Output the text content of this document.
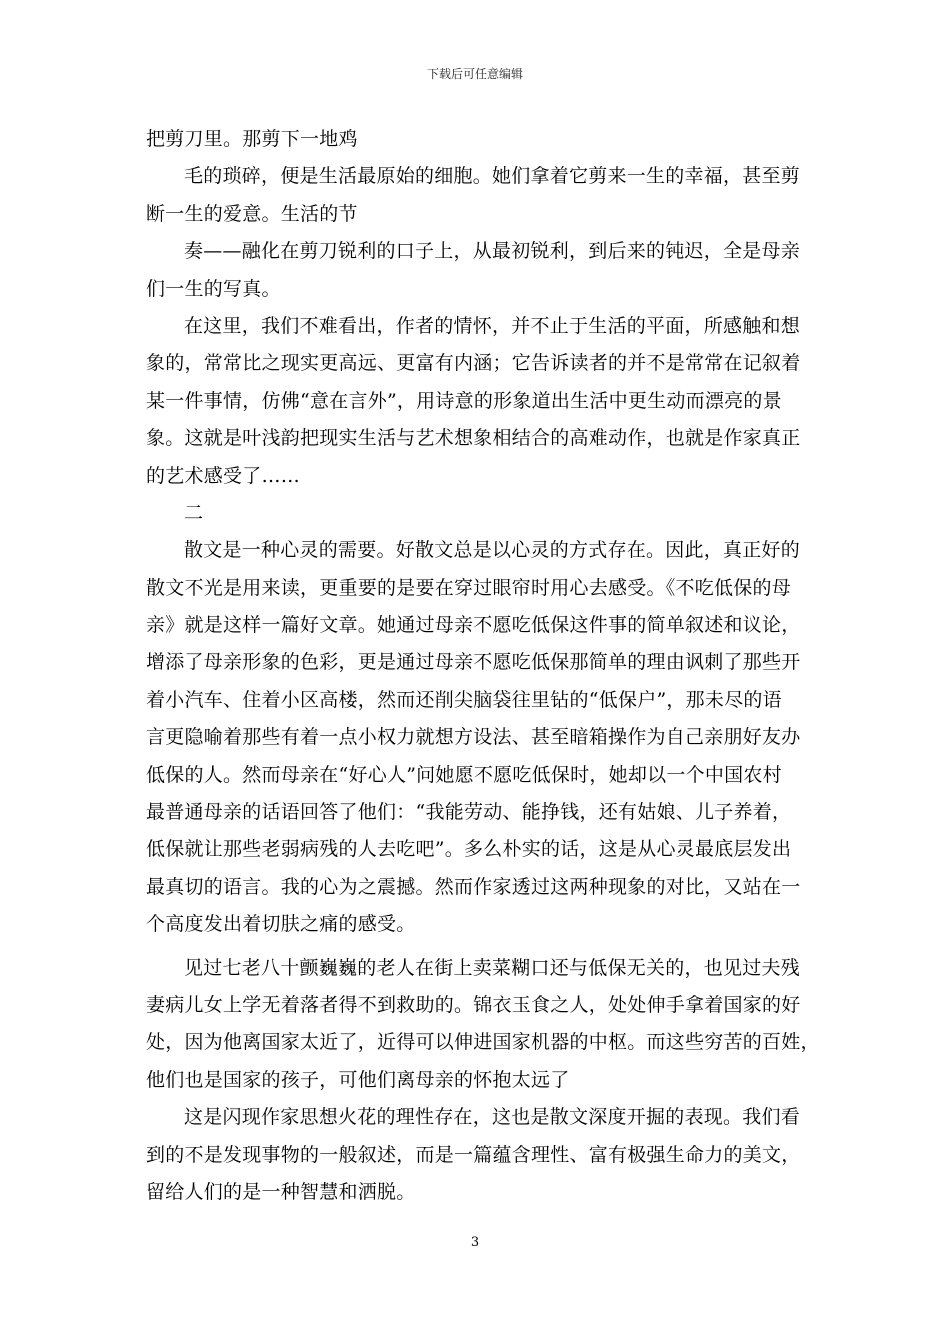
下载后可任意编辑
把剪刀里。那剪下一地鸡
毛的琐碎，便是生活最原始的细胞。她们拿着它剪来一生的幸福，甚至剪
断一生的爱意。生活的节
奏——融化在剪刀锐利的口子上，从最初锐利，到后来的钝迟，全是母亲
们一生的写真。
在这里，我们不难看出，作者的情怀，并不止于生活的平面，所感触和想
象的，常常比之现实更高远、更富有内涵；它告诉读者的并不是常常在记叙着
某一件事情，仿佛“意在言外”，用诗意的形象道出生活中更生动而漂亮的景
象。这就是叶浅韵把现实生活与艺术想象相结合的高难动作，也就是作家真正
的艺术感受了……
二
散文是一种心灵的需要。好散文总是以心灵的方式存在。因此，真正好的
散文不光是用来读，更重要的是要在穿过眼帘时用心去感受。《不吃低保的母
亲》就是这样一篇好文章。她通过母亲不愿吃低保这件事的简单叙述和议论，
增添了母亲形象的色彩，更是通过母亲不愿吃低保那简单的理由讽刺了那些开
着小汽车、住着小区高楼，然而还削尖脑袋往里钻的“低保户”，那未尽的语
言更隐喻着那些有着一点小权力就想方设法、甚至暗箱操作为自己亲朋好友办
低保的人。然而母亲在“好心人”问她愿不愿吃低保时，她却以一个中国农村
最普通母亲的话语回答了他们：“我能劳动、能挣钱，还有姑娘、儿子养着，
低保就让那些老弱病残的人去吃吧”。多么朴实的话，这是从心灵最底层发出
最真切的语言。我的心为之震撼。然而作家透过这两种现象的对比，又站在一
个高度发出着切肤之痛的感受。
见过七老八十颤巍巍的老人在街上卖菜糊口还与低保无关的，也见过夫残
妻病儿女上学无着落者得不到救助的。锦衣玉食之人，处处伸手拿着国家的好
处，因为他离国家太近了，近得可以伸进国家机器的中枢。而这些穷苦的百姓，
他们也是国家的孩子，可他们离母亲的怀抱太远了
这是闪现作家思想火花的理性存在，这也是散文深度开掘的表现。我们看
到的不是发现事物的一般叙述，而是一篇蕴含理性、富有极强生命力的美文，
留给人们的是一种智慧和洒脱。
3
